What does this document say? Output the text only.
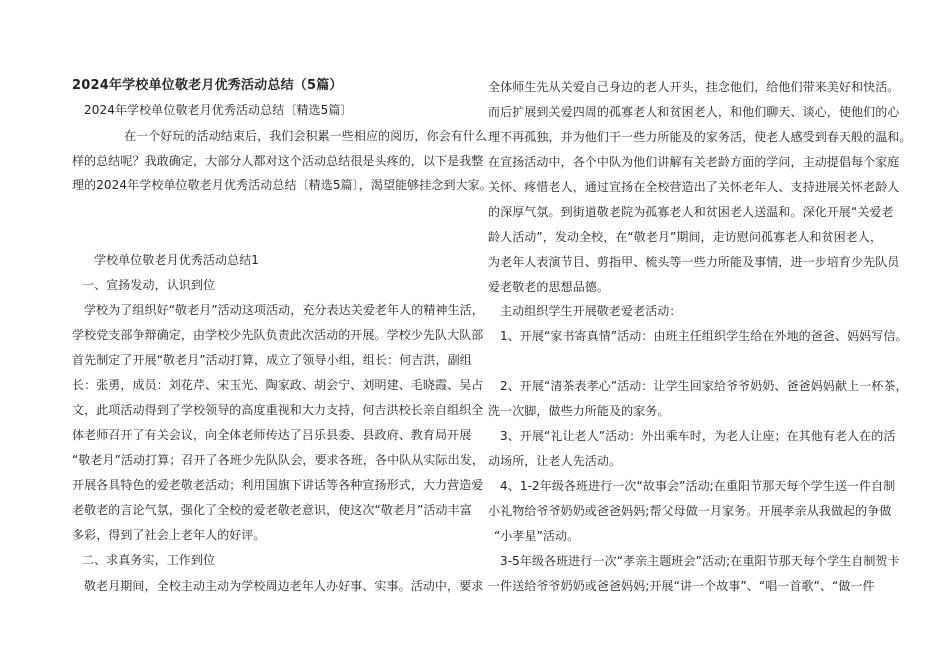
2024年学校单位敬老月优秀活动总结（5篇）
2024年学校单位敬老月优秀活动总结〔精选5篇〕
在一个好玩的活动结束后，我们会积累一些相应的阅历，你会有什么
样的总结呢？我敢确定，大部分人都对这个活动总结很是头疼的，以下是我整
理的2024年学校单位敬老月优秀活动总结〔精选5篇〕，渴望能够挂念到大家。
学校单位敬老月优秀活动总结1
一、宣扬发动，认识到位
学校为了组织好“敬老月”活动这项活动，充分表达关爱老年人的精神生活，
学校党支部争辩确定，由学校少先队负责此次活动的开展。学校少先队大队部
首先制定了开展“敬老月”活动打算，成立了领导小组，组长：何吉洪，副组
长：张勇，成员：刘花芹、宋玉光、陶家政、胡会宁、刘明建、毛晓霞、吴占
文，此项活动得到了学校领导的高度重视和大力支持，何吉洪校长亲自组织全
体老师召开了有关会议，向全体老师传达了吕乐县委、县政府、教育局开展
“敬老月”活动打算；召开了各班少先队队会，要求各班，各中队从实际出发，
开展各具特色的爱老敬老活动；利用国旗下讲话等各种宣扬形式，大力营造爱
老敬老的言论气氛，强化了全校的爱老敬老意识，使这次“敬老月”活动丰富
多彩，得到了社会上老年人的好评。
二、求真务实，工作到位
敬老月期间，全校主动主动为学校周边老年人办好事、实事。活动中，要求
全体师生先从关爱自己身边的老人开头，挂念他们，给他们带来美好和快活。
而后扩展到关爱四周的孤寡老人和贫困老人，和他们聊天、谈心，使他们的心
理不再孤独，并为他们干一些力所能及的家务活，使老人感受到春天般的温和。
在宣扬活动中，各个中队为他们讲解有关老龄方面的学问，主动提倡每个家庭
关怀、疼惜老人，通过宣扬在全校营造出了关怀老年人、支持进展关怀老龄人
的深厚气氛。到街道敬老院为孤寡老人和贫困老人送温和。深化开展“关爱老
龄人活动”，发动全校，在“敬老月”期间，走访慰问孤寡老人和贫困老人，
为老年人表演节目、剪指甲、梳头等一些力所能及事情，进一步培育少先队员
爱老敬老的思想品德。
主动组织学生开展敬老爱老活动：
1、开展“家书寄真情”活动：由班主任组织学生给在外地的爸爸、妈妈写信。
2、开展“清茶表孝心”活动：让学生回家给爷爷奶奶、爸爸妈妈献上一杯茶，
洗一次脚，做些力所能及的家务。
3、开展“礼让老人”活动：外出乘车时，为老人让座；在其他有老人在的活
动场所，让老人先活动。
4、1-2年级各班进行一次“故事会”活动;在重阳节那天每个学生送一件自制
小礼物给爷爷奶奶或爸爸妈妈;帮父母做一月家务。开展孝亲从我做起的争做
“小孝星”活动。
3-5年级各班进行一次“孝亲主题班会”活动;在重阳节那天每个学生自制贺卡
一件送给爷爷奶奶或爸爸妈妈;开展“讲一个故事”、“唱一首歌”、“做一件
